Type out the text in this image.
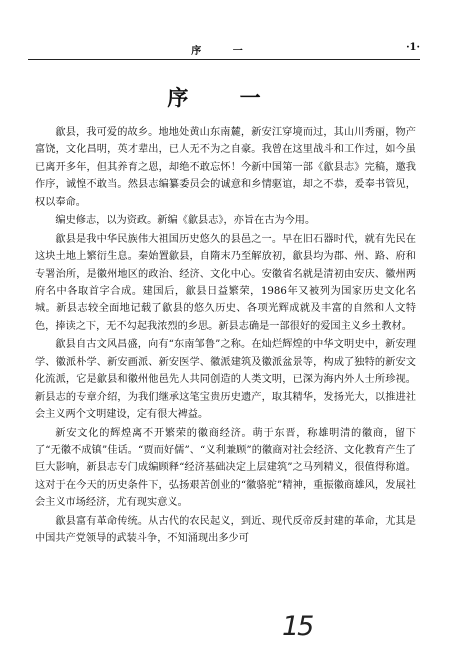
序 一	·1·
序 一

歙县，我可爱的故乡。地地处黄山东南麓，新安江穿境而过，其山川秀丽，物产富饶，文化昌明，英才辈出，已人无不为之自豪。我曾在这里战斗和工作过，如今虽已离开多年，但其养育之恩，却绝不敢忘怀！今新中国第一部《歙县志》完稿，邀我作序，诚惶不敢当。然县志编纂委员会的诚意和乡情驱谊，却之不恭，爰奉书管见，权以奉命。

编史修志，以为资政。新编《歙县志》，亦旨在古为今用。

歙县是我中华民族伟大祖国历史悠久的县邑之一。早在旧石器时代，就有先民在这块土地上繁衍生息。秦始置歙县，自隋末乃至解放初，歙县均为郡、州、路、府和专署治所，是徽州地区的政治、经济、文化中心。安徽省名就是清初由安庆、徽州两府名中各取首字合成。建国后，歙县日益繁荣，1986年又被列为国家历史文化名城。新县志较全面地记载了歙县的悠久历史、各项光辉成就及丰富的自然和人文特色，捧读之下，无不勾起我浓烈的乡思。新县志确是一部很好的爱国主义乡土教材。

歙县自古文风昌盛，向有“东南邹鲁”之称。在灿烂辉煌的中华文明史中，新安理学、徽派朴学、新安画派、新安医学、徽派建筑及徽派盆景等，构成了独特的新安文化流派，它是歙县和徽州他邑先人共同创造的人类文明，已深为海内外人士所珍视。新县志的专章介绍，为我们继承这笔宝贵历史遗产，取其精华，发扬光大，以推进社会主义两个文明建设，定有很大裨益。

新安文化的辉煌离不开繁荣的徽商经济。萌于东晋，称雄明清的徽商，留下了“无徽不成镇”佳话。“贾而好儒”、“义利兼顾”的徽商对社会经济、文化教育产生了巨大影响，新县志专门成编顾释“经济基础决定上层建筑”之马列精义，很值得称道。这对于在今天的历史条件下，弘扬艰苦创业的“徽骆驼”精神，重振徽商雄风，发展社会主义市场经济，尤有现实意义。

歙县富有革命传统。从古代的农民起义，到近、现代反帝反封建的革命，尤其是中国共产党领导的武装斗争，不知涌现出多少可

15
